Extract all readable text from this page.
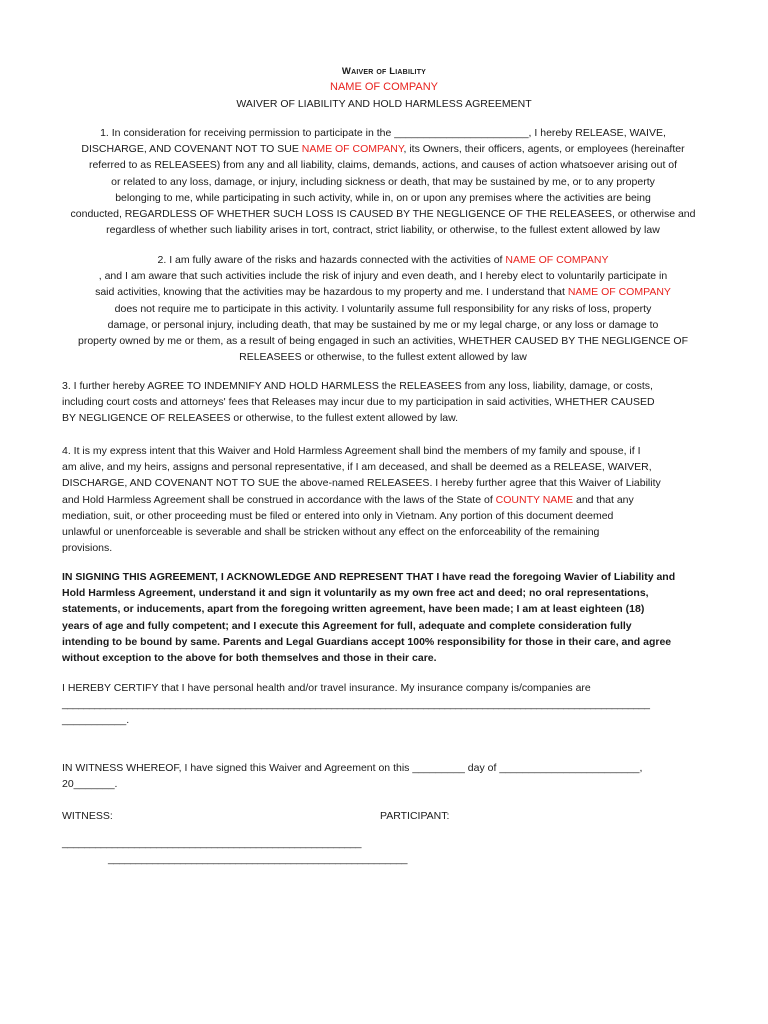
Waiver of Liability
NAME OF COMPANY
WAIVER OF LIABILITY AND HOLD HARMLESS AGREEMENT
1. In consideration for receiving permission to participate in the _______________________, I hereby RELEASE, WAIVE,
DISCHARGE, AND COVENANT NOT TO SUE NAME OF COMPANY, its Owners, their officers, agents, or employees (hereinafter
referred to as RELEASEES) from any and all liability, claims, demands, actions, and causes of action whatsoever arising out of
or related to any loss, damage, or injury, including sickness or death, that may be sustained by me, or to any property
belonging to me, while participating in such activity, while in, on or upon any premises where the activities are being
conducted, REGARDLESS OF WHETHER SUCH LOSS IS CAUSED BY THE NEGLIGENCE OF THE RELEASEES, or otherwise and
regardless of whether such liability arises in tort, contract, strict liability, or otherwise, to the fullest extent allowed by law
2. I am fully aware of the risks and hazards connected with the activities of NAME OF COMPANY
, and I am aware that such activities include the risk of injury and even death, and I hereby elect to voluntarily participate in
said activities, knowing that the activities may be hazardous to my property and me. I understand that NAME OF COMPANY
does not require me to participate in this activity. I voluntarily assume full responsibility for any risks of loss, property
damage, or personal injury, including death, that may be sustained by me or my legal charge, or any loss or damage to
property owned by me or them, as a result of being engaged in such an activities, WHETHER CAUSED BY THE NEGLIGENCE OF
RELEASEES or otherwise, to the fullest extent allowed by law
3. I further hereby AGREE TO INDEMNIFY AND HOLD HARMLESS the RELEASEES from any loss, liability, damage, or costs,
including court costs and attorneys' fees that Releases may incur due to my participation in said activities, WHETHER CAUSED
BY NEGLIGENCE OF RELEASEES or otherwise, to the fullest extent allowed by law.
4. It is my express intent that this Waiver and Hold Harmless Agreement shall bind the members of my family and spouse, if I
am alive, and my heirs, assigns and personal representative, if I am deceased, and shall be deemed as a RELEASE, WAIVER,
DISCHARGE, AND COVENANT NOT TO SUE the above-named RELEASEES. I hereby further agree that this Waiver of Liability
and Hold Harmless Agreement shall be construed in accordance with the laws of the State of COUNTY NAME and that any
mediation, suit, or other proceeding must be filed or entered into only in Vietnam. Any portion of this document deemed
unlawful or unenforceable is severable and shall be stricken without any effect on the enforceability of the remaining
provisions.
IN SIGNING THIS AGREEMENT, I ACKNOWLEDGE AND REPRESENT THAT I have read the foregoing Wavier of Liability and
Hold Harmless Agreement, understand it and sign it voluntarily as my own free act and deed; no oral representations,
statements, or inducements, apart from the foregoing written agreement, have been made; I am at least eighteen (18)
years of age and fully competent; and I execute this Agreement for full, adequate and complete consideration fully
intending to be bound by same. Parents and Legal Guardians accept 100% responsibility for those in their care, and agree
without exception to the above for both themselves and those in their care.
I HEREBY CERTIFY that I have personal health and/or travel insurance. My insurance company is/companies are
_____________________________________________________________________________________________________________
___________.
IN WITNESS WHEREOF, I have signed this Waiver and Agreement on this _________ day of ________________________,
20_______.
WITNESS:	PARTICIPANT:
______________________________________________________
______________________________________________________
